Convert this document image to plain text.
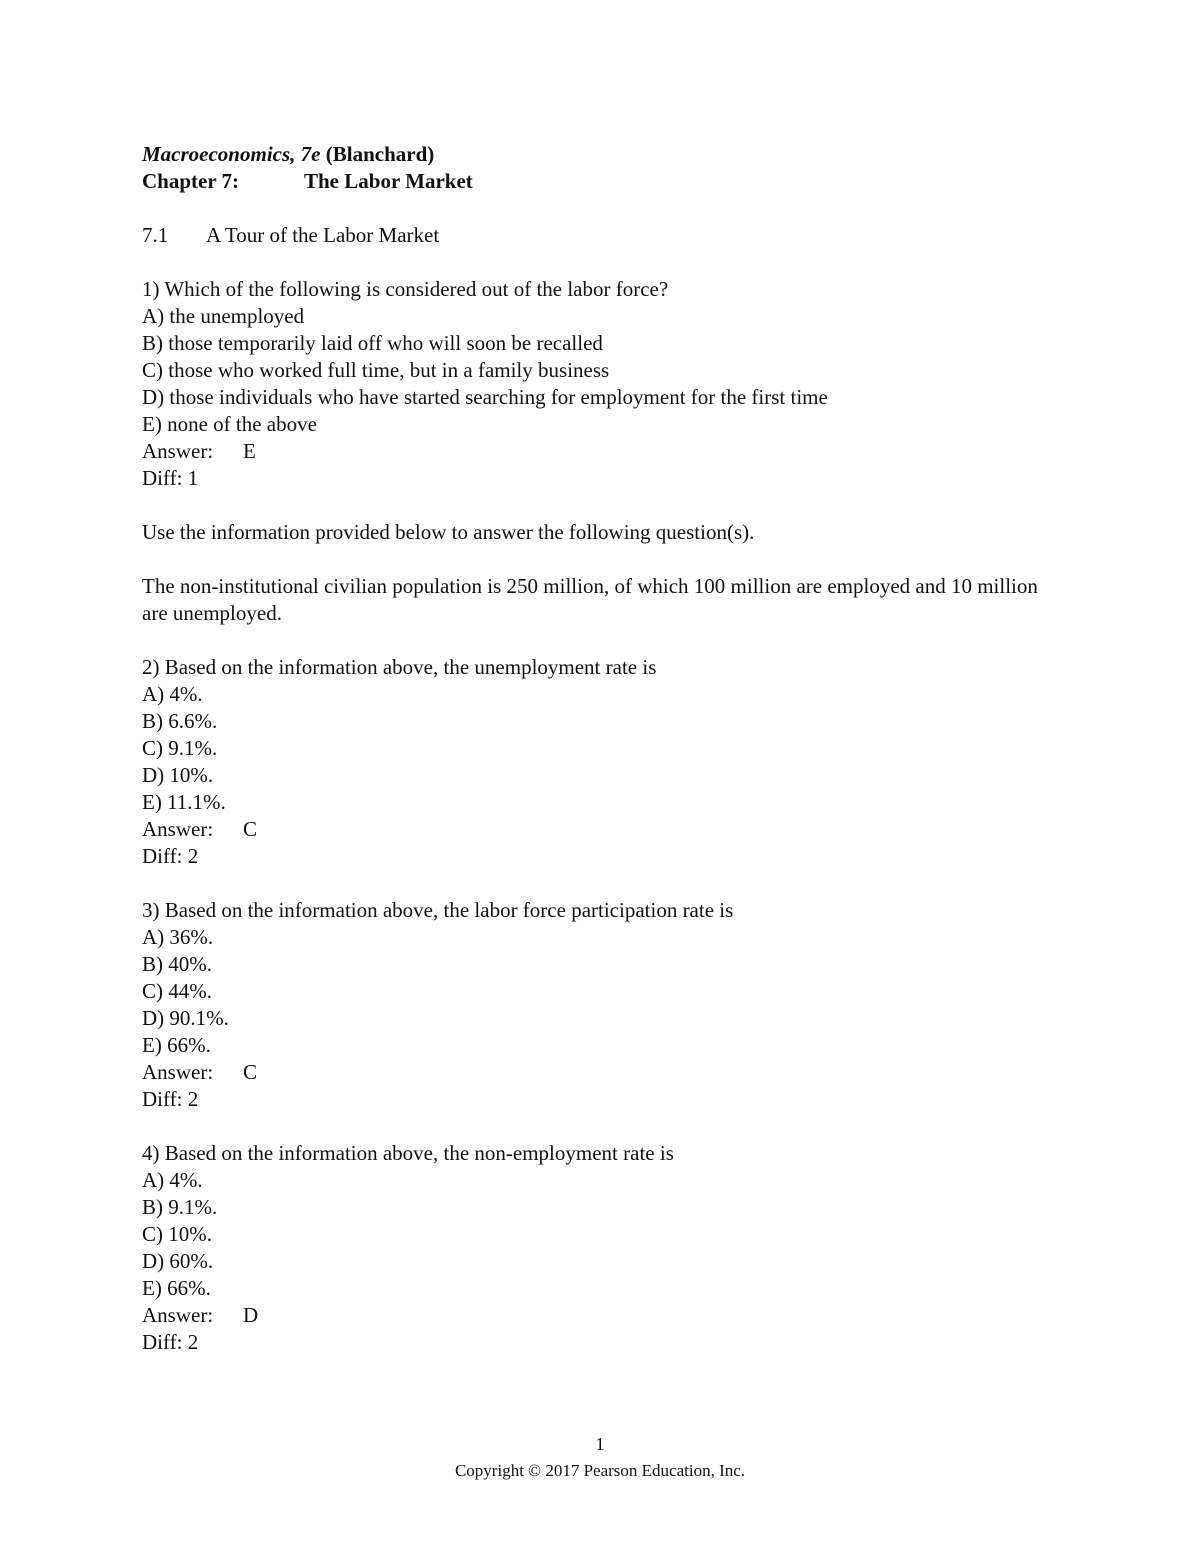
Macroeconomics, 7e (Blanchard)
Chapter 7:	The Labor Market
7.1 A Tour of the Labor Market
1) Which of the following is considered out of the labor force?
A) the unemployed
B) those temporarily laid off who will soon be recalled
C) those who worked full time, but in a family business
D) those individuals who have started searching for employment for the first time
E) none of the above
Answer: E
Diff: 1
Use the information provided below to answer the following question(s).
The non-institutional civilian population is 250 million, of which 100 million are employed and 10 million are unemployed.
2) Based on the information above, the unemployment rate is
A) 4%.
B) 6.6%.
C) 9.1%.
D) 10%.
E) 11.1%.
Answer: C
Diff: 2
3) Based on the information above, the labor force participation rate is
A) 36%.
B) 40%.
C) 44%.
D) 90.1%.
E) 66%.
Answer: C
Diff: 2
4) Based on the information above, the non-employment rate is
A) 4%.
B) 9.1%.
C) 10%.
D) 60%.
E) 66%.
Answer: D
Diff: 2
1
Copyright © 2017 Pearson Education, Inc.
